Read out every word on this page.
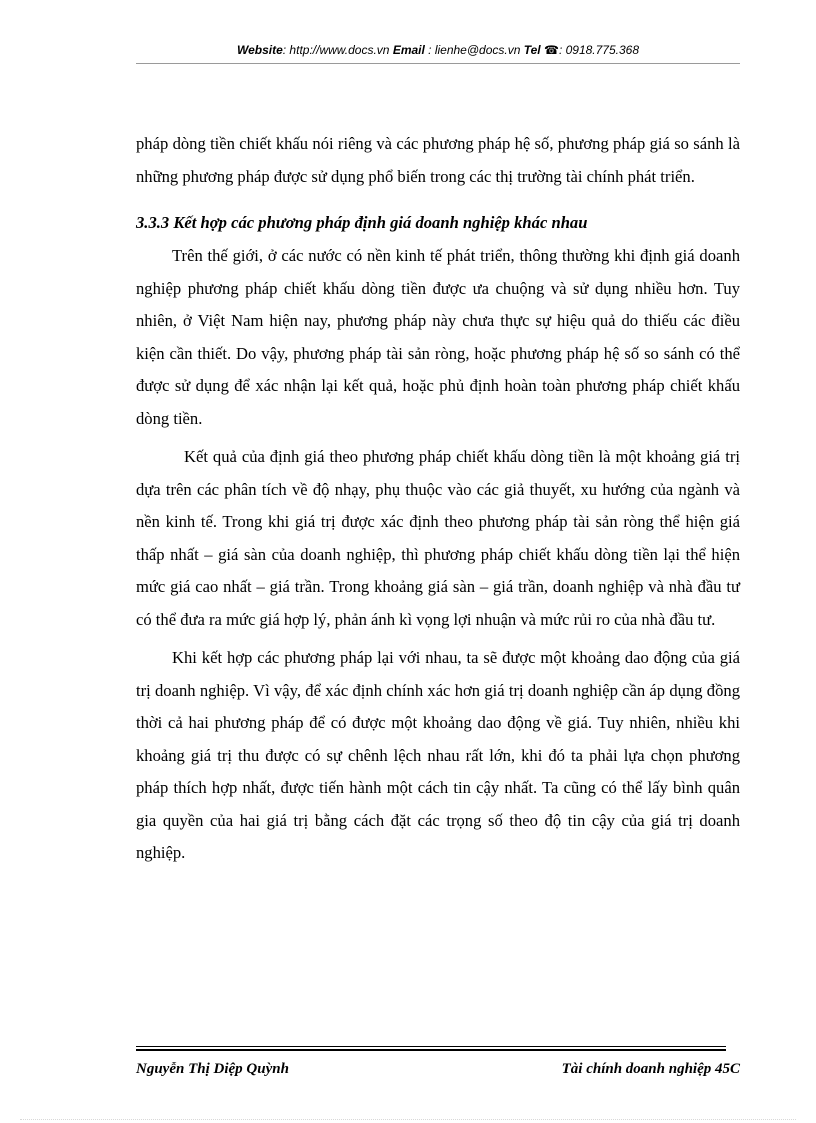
Website: http://www.docs.vn Email : lienhe@docs.vn Tel ☎: 0918.775.368

pháp dòng tiền chiết khấu nói riêng và các phương pháp hệ số, phương pháp giá so sánh là những phương pháp được sử dụng phổ biến trong các thị trường tài chính phát triển.

3.3.3 Kết hợp các phương pháp định giá doanh nghiệp khác nhau

Trên thế giới, ở các nước có nền kinh tế phát triển, thông thường khi định giá doanh nghiệp phương pháp chiết khấu dòng tiền được ưa chuộng và sử dụng nhiều hơn. Tuy nhiên, ở Việt Nam hiện nay, phương pháp này chưa thực sự hiệu quả do thiếu các điều kiện cần thiết. Do vậy, phương pháp tài sản ròng, hoặc phương pháp hệ số so sánh có thể được sử dụng để xác nhận lại kết quả, hoặc phủ định hoàn toàn phương pháp chiết khấu dòng tiền.

Kết quả của định giá theo phương pháp chiết khấu dòng tiền là một khoảng giá trị dựa trên các phân tích về độ nhạy, phụ thuộc vào các giả thuyết, xu hướng của ngành và nền kinh tế. Trong khi giá trị được xác định theo phương pháp tài sản ròng thể hiện giá thấp nhất – giá sàn của doanh nghiệp, thì phương pháp chiết khấu dòng tiền lại thể hiện mức giá cao nhất – giá trần. Trong khoảng giá sàn – giá trần, doanh nghiệp và nhà đầu tư có thể đưa ra mức giá hợp lý, phản ánh kì vọng lợi nhuận và mức rủi ro của nhà đầu tư.

Khi kết hợp các phương pháp lại với nhau, ta sẽ được một khoảng dao động của giá trị doanh nghiệp. Vì vậy, để xác định chính xác hơn giá trị doanh nghiệp cần áp dụng đồng thời cả hai phương pháp để có được một khoảng dao động về giá. Tuy nhiên, nhiều khi khoảng giá trị thu được có sự chênh lệch nhau rất lớn, khi đó ta phải lựa chọn phương pháp thích hợp nhất, được tiến hành một cách tin cậy nhất. Ta cũng có thể lấy bình quân gia quyền của hai giá trị bằng cách đặt các trọng số theo độ tin cậy của giá trị doanh nghiệp.

Nguyễn Thị Diệp Quỳnh	Tài chính doanh nghiệp 45C
